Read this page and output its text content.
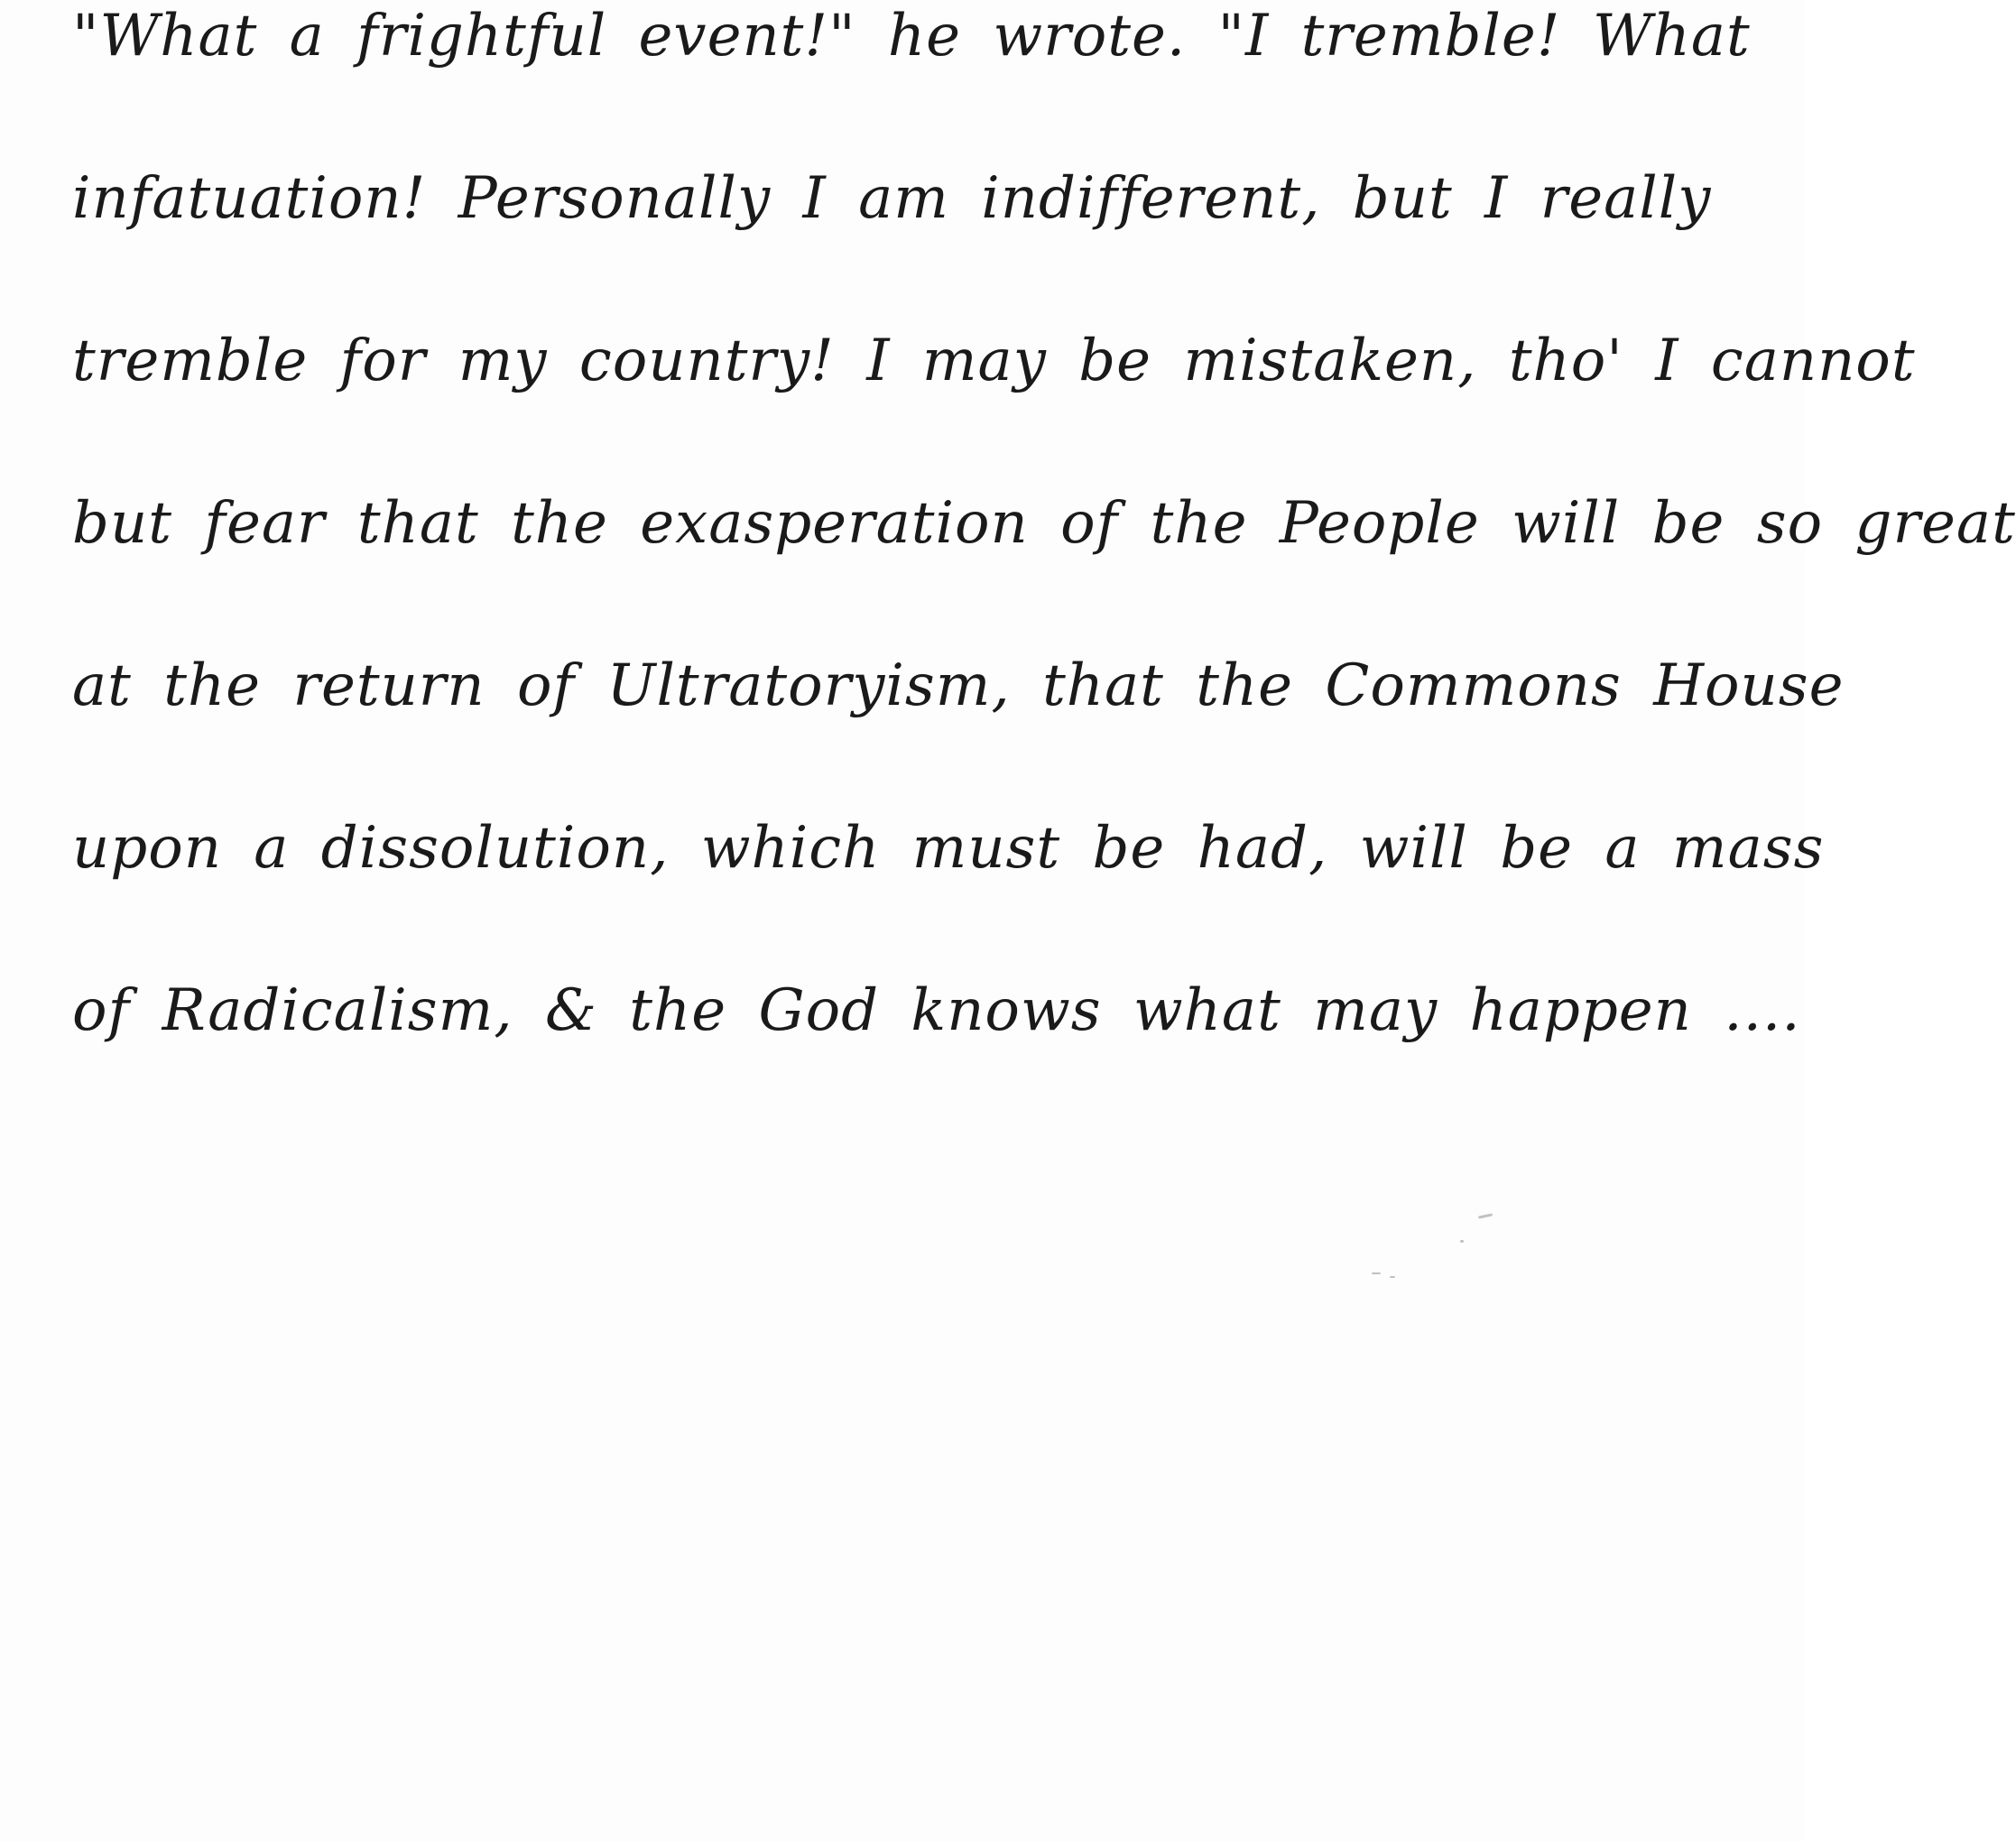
"What a frightful event!" he wrote. "I tremble! What
infatuation! Personally I am indifferent, but I really
tremble for my country! I may be mistaken, tho' I cannot
but fear that the exasperation of the People will be so great
at the return of Ultratoryism, that the Commons House
upon a dissolution, which must be had, will be a mass
of Radicalism, & the God knows what may happen ....
